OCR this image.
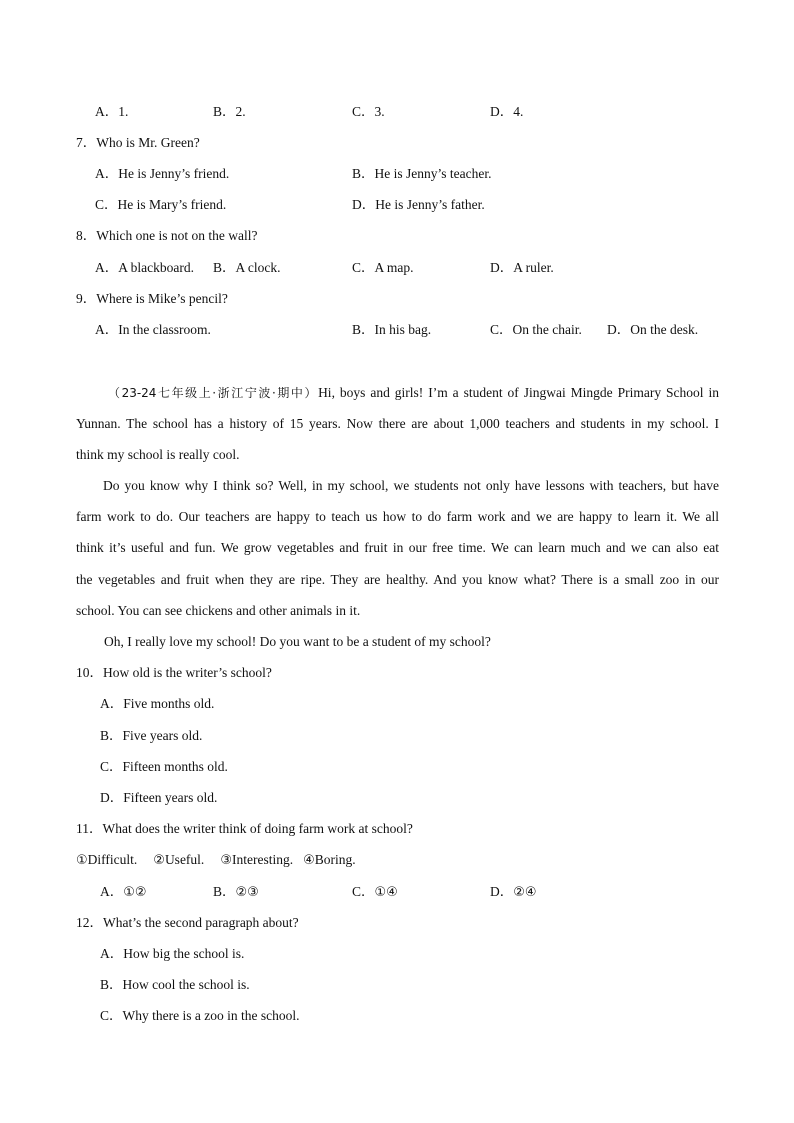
A．1.	B．2.	C．3.	D．4.
7．Who is Mr. Green?
A．He is Jenny’s friend.	B．He is Jenny’s teacher.
C．He is Mary’s friend.	D．He is Jenny’s father.
8．Which one is not on the wall?
A．A blackboard. B．A clock.	C．A map.	D．A ruler.
9．Where is Mike’s pencil?
A．In the classroom.	B．In his bag.	C．On the chair. D．On the desk.
（23-24七年级上·浙江宁波·期中）Hi, boys and girls! I’m a student of Jingwai Mingde Primary School in
Yunnan. The school has a history of 15 years. Now there are about 1,000 teachers and students in my school. I
think my school is really cool.
Do you know why I think so? Well, in my school, we students not only have lessons with teachers, but have
farm work to do. Our teachers are happy to teach us how to do farm work and we are happy to learn it. We all
think it’s useful and fun. We grow vegetables and fruit in our free time. We can learn much and we can also eat
the vegetables and fruit when they are ripe. They are healthy. And you know what? There is a small zoo in our
school. You can see chickens and other animals in it.
Oh, I really love my school! Do you want to be a student of my school?
10．How old is the writer’s school?
A．Five months old.
B．Five years old.
C．Fifteen months old.
D．Fifteen years old.
11．What does the writer think of doing farm work at school?
①Difficult. ②Useful. ③Interesting. ④Boring.
A．①②	B．②③	C．①④	D．②④
12．What’s the second paragraph about?
A．How big the school is.
B．How cool the school is.
C．Why there is a zoo in the school.
